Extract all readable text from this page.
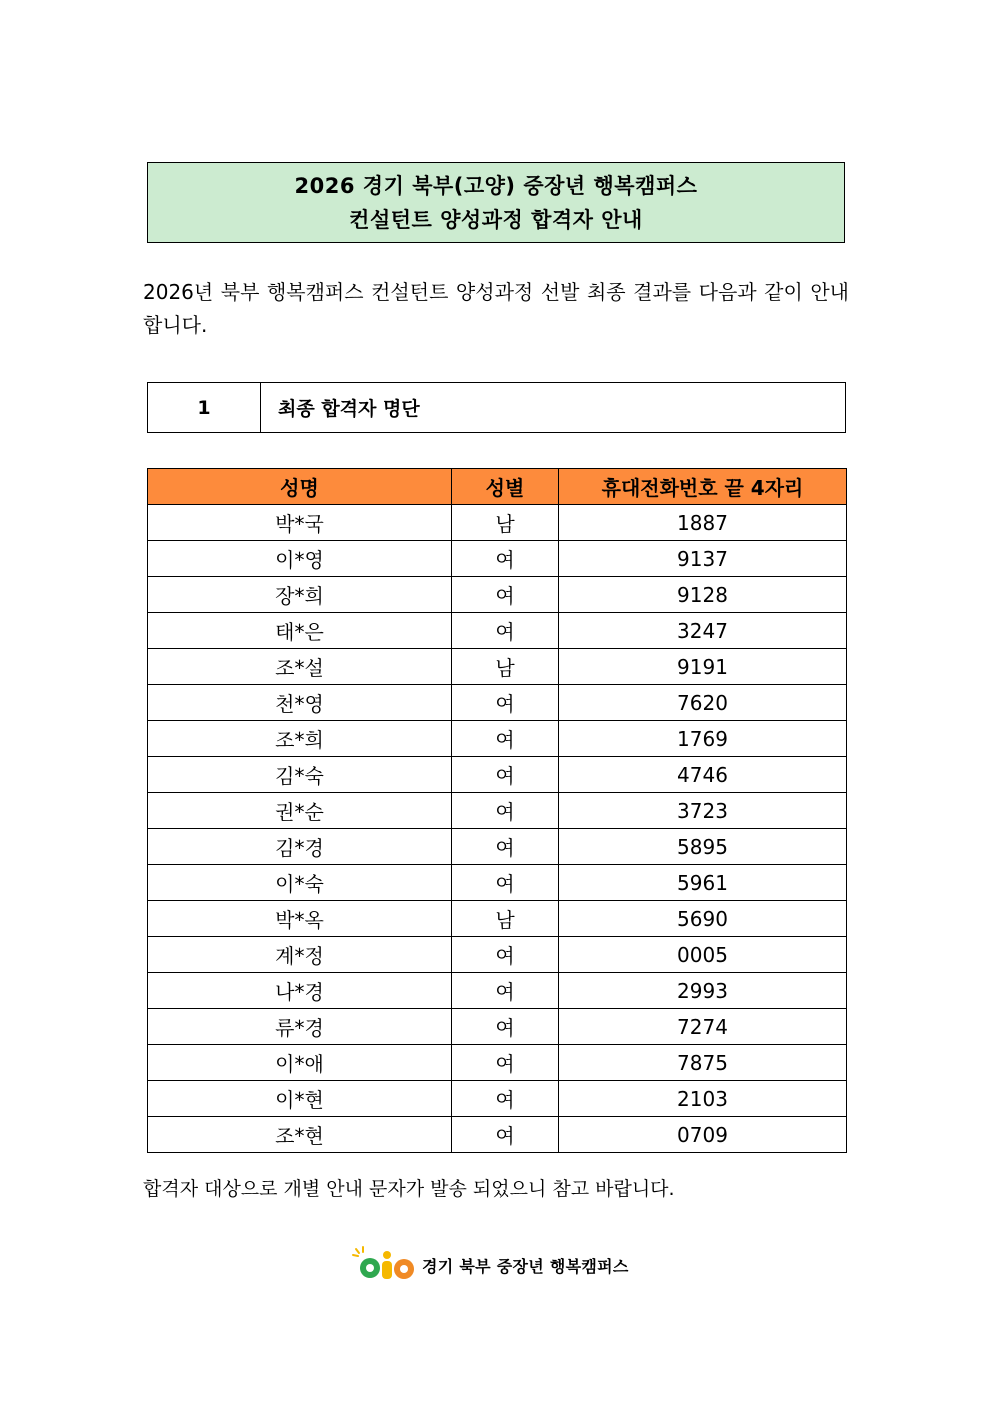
2026 경기 북부(고양) 중장년 행복캠퍼스
컨설턴트 양성과정 합격자 안내
2026년 북부 행복캠퍼스 컨설턴트 양성과정 선발 최종 결과를 다음과 같이 안내합니다.
1	최종 합격자 명단
성명	성별	휴대전화번호 끝 4자리
박*국	남	1887
이*영	여	9137
장*희	여	9128
태*은	여	3247
조*설	남	9191
천*영	여	7620
조*희	여	1769
김*숙	여	4746
권*순	여	3723
김*경	여	5895
이*숙	여	5961
박*옥	남	5690
계*정	여	0005
나*경	여	2993
류*경	여	7274
이*애	여	7875
이*현	여	2103
조*현	여	0709
합격자 대상으로 개별 안내 문자가 발송 되었으니 참고 바랍니다.
경기 북부 중장년 행복캠퍼스
